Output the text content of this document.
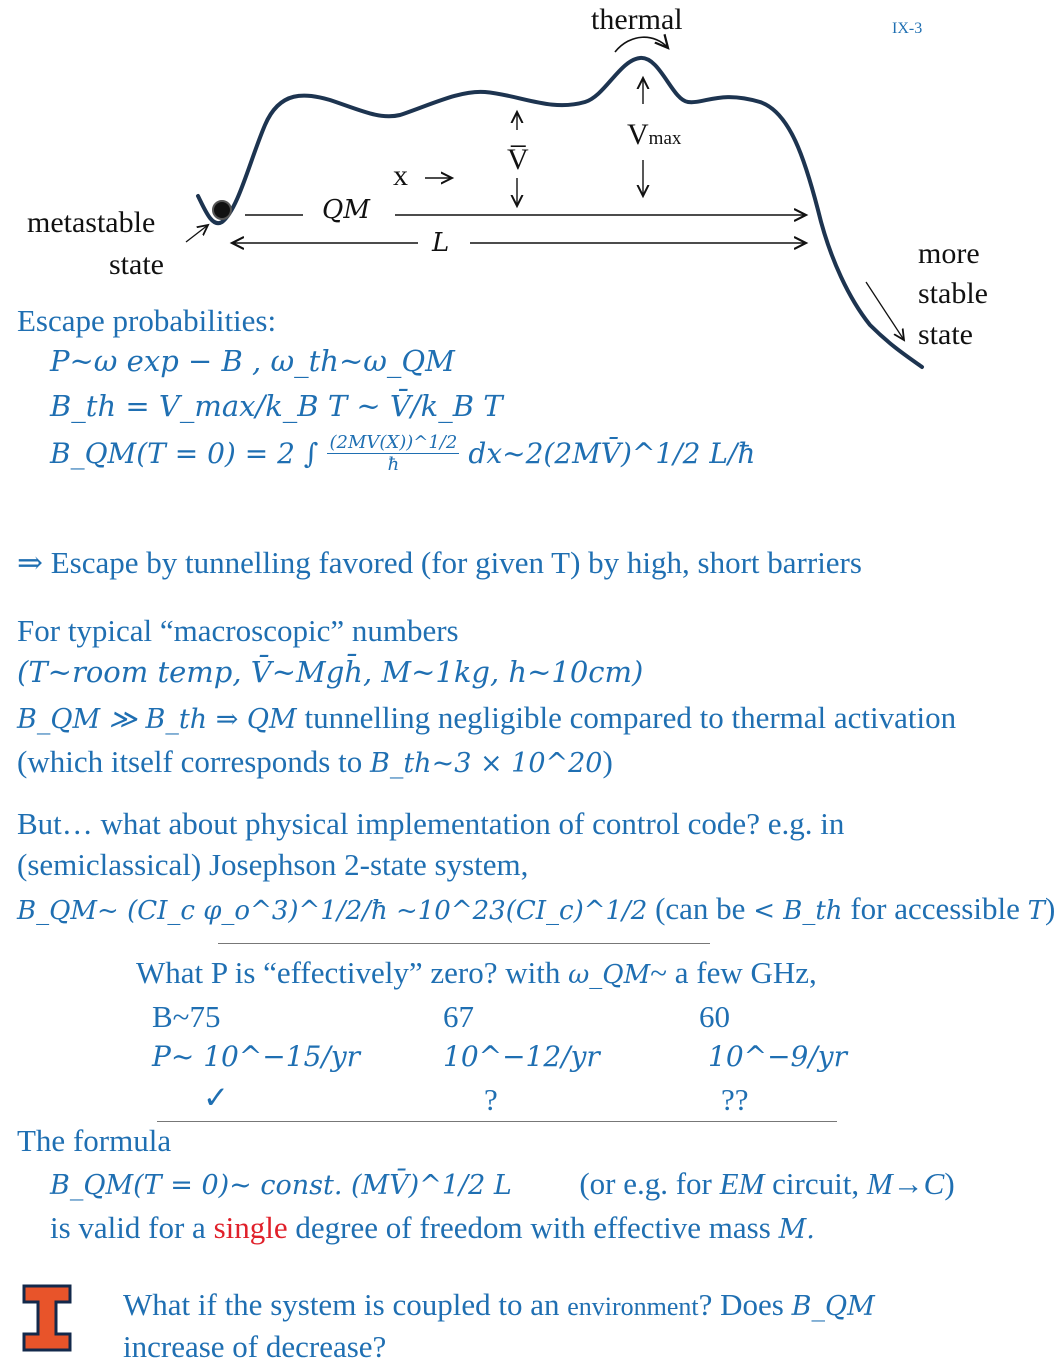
IX-3
thermal
Vmax
V̅
x
QM
L
metastable
state	more
stable
state
Escape probabilities:
P~ω exp − B , ω_th~ω_QM
B_th = V_max/k_B T ~ V̄/k_B T
B_QM(T = 0) = 2 ∫ $\frac{(2MV(X))\^{}1/2}{ħ}$ dx~2(2MV̄)^1/2 L/ħ
⇒ Escape by tunnelling favored (for given T) by high, short barriers
For typical “macroscopic” numbers
(T~room temp, V̄~Mgh̄, M~1kg, h~10cm)
B_QM ≫ B_th ⇒ QM tunnelling negligible compared to thermal activation
(which itself corresponds to B_th~3 × 10^20)
But… what about physical implementation of control code? e.g. in
(semiclassical) Josephson 2-state system,
B_QM~ (CI_c φ_o^3)^1/2/ħ ~10^23(CI_c)^1/2 (can be < B_th for accessible T)
What P is “effectively” zero? with ω_QM~ a few GHz,
B~75	67	60
P~ 10^−15/yr	10^−12/yr	10^−9/yr
✓	?	??
The formula
B_QM(T = 0)~ const. (MV̄)^1/2 L (or e.g. for EM circuit, M→C)
is valid for a single degree of freedom with effective mass M.
What if the system is coupled to an environment? Does B_QM
increase of decrease?
